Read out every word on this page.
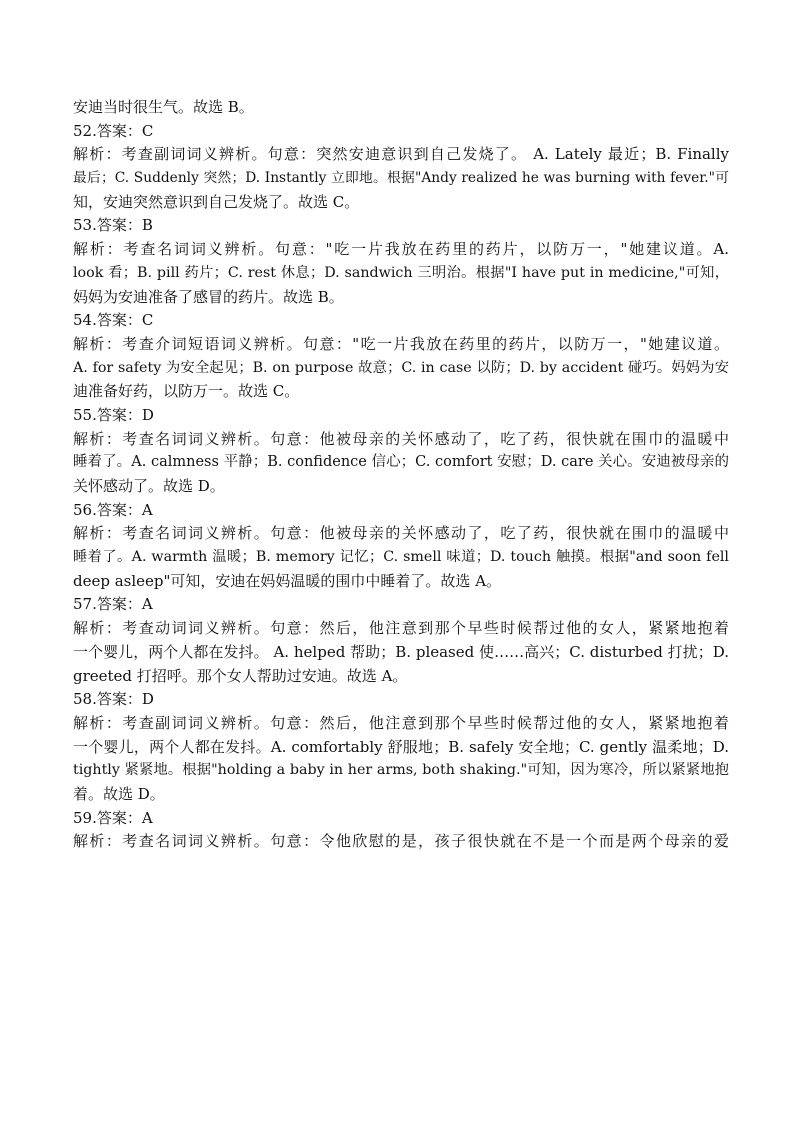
安迪当时很生气。故选 B。
52.答案：C
解析：考查副词词义辨析。句意：突然安迪意识到自己发烧了。 A. Lately 最近；B. Finally
最后；C. Suddenly 突然；D. Instantly 立即地。根据"Andy realized he was burning with fever."可
知，安迪突然意识到自己发烧了。故选 C。
53.答案：B
解析：考查名词词义辨析。句意："吃一片我放在药里的药片，以防万一，"她建议道。A.
look 看；B. pill 药片；C. rest 休息；D. sandwich 三明治。根据"I have put in medicine,"可知，
妈妈为安迪准备了感冒的药片。故选 B。
54.答案：C
解析：考查介词短语词义辨析。句意："吃一片我放在药里的药片，以防万一，"她建议道。
A. for safety 为安全起见；B. on purpose 故意；C. in case 以防；D. by accident 碰巧。妈妈为安
迪准备好药，以防万一。故选 C。
55.答案：D
解析：考查名词词义辨析。句意：他被母亲的关怀感动了，吃了药，很快就在围巾的温暖中
睡着了。A. calmness 平静；B. confidence 信心；C. comfort 安慰；D. care 关心。安迪被母亲的
关怀感动了。故选 D。
56.答案：A
解析：考查名词词义辨析。句意：他被母亲的关怀感动了，吃了药，很快就在围巾的温暖中
睡着了。A. warmth 温暖；B. memory 记忆；C. smell 味道；D. touch 触摸。根据"and soon fell
deep asleep"可知，安迪在妈妈温暖的围巾中睡着了。故选 A。
57.答案：A
解析：考查动词词义辨析。句意：然后，他注意到那个早些时候帮过他的女人，紧紧地抱着
一个婴儿，两个人都在发抖。 A. helped 帮助；B. pleased 使……高兴；C. disturbed 打扰；D.
greeted 打招呼。那个女人帮助过安迪。故选 A。
58.答案：D
解析：考查副词词义辨析。句意：然后，他注意到那个早些时候帮过他的女人，紧紧地抱着
一个婴儿，两个人都在发抖。A. comfortably 舒服地；B. safely 安全地；C. gently 温柔地；D.
tightly 紧紧地。根据"holding a baby in her arms, both shaking."可知，因为寒冷，所以紧紧地抱
着。故选 D。
59.答案：A
解析：考查名词词义辨析。句意：令他欣慰的是，孩子很快就在不是一个而是两个母亲的爱
